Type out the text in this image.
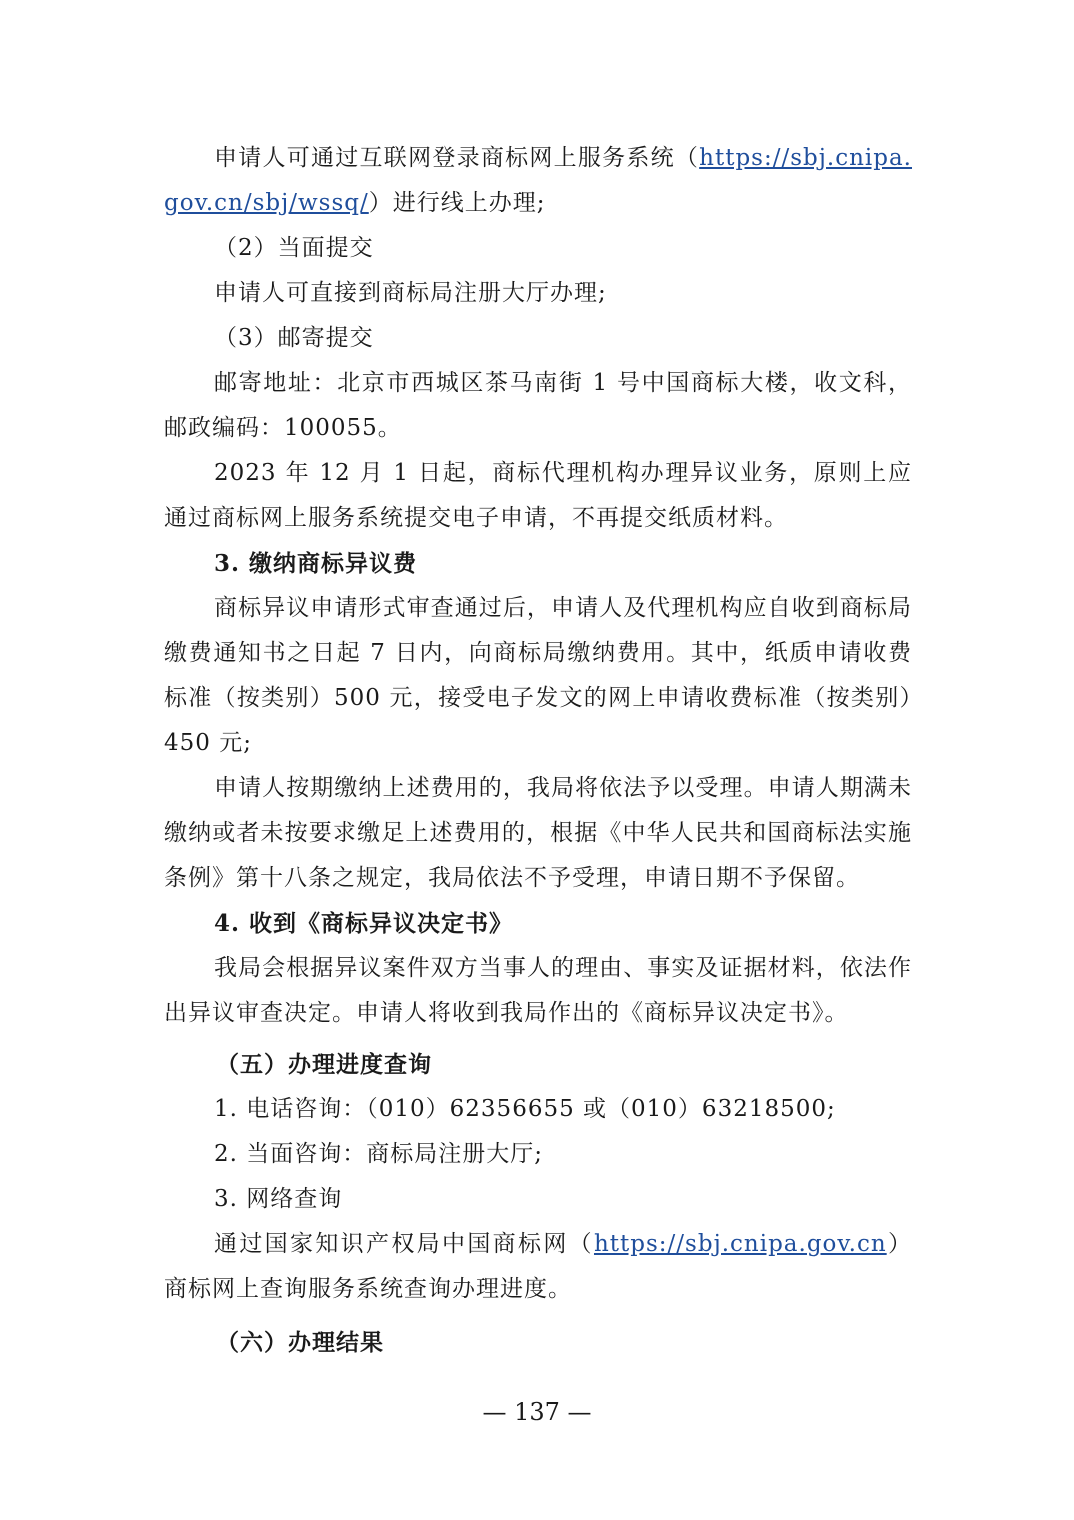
申请人可通过互联网登录商标网上服务系统（https://sbj.cnipa.gov.cn/sbj/wssq/）进行线上办理;

（2）当面提交

申请人可直接到商标局注册大厅办理;

（3）邮寄提交

邮寄地址：北京市西城区茶马南街 1 号中国商标大楼，收文科，邮政编码：100055。

2023 年 12 月 1 日起，商标代理机构办理异议业务，原则上应通过商标网上服务系统提交电子申请，不再提交纸质材料。

3. 缴纳商标异议费

商标异议申请形式审查通过后，申请人及代理机构应自收到商标局缴费通知书之日起 7 日内，向商标局缴纳费用。其中，纸质申请收费标准（按类别）500 元，接受电子发文的网上申请收费标准（按类别）450 元;

申请人按期缴纳上述费用的，我局将依法予以受理。申请人期满未缴纳或者未按要求缴足上述费用的，根据《中华人民共和国商标法实施条例》第十八条之规定，我局依法不予受理，申请日期不予保留。

4. 收到《商标异议决定书》

我局会根据异议案件双方当事人的理由、事实及证据材料，依法作出异议审查决定。申请人将收到我局作出的《商标异议决定书》。

（五）办理进度查询

1. 电话咨询：（010）62356655 或（010）63218500;

2. 当面咨询：商标局注册大厅;

3. 网络查询

通过国家知识产权局中国商标网（https://sbj.cnipa.gov.cn）商标网上查询服务系统查询办理进度。

（六）办理结果

— 137 —
